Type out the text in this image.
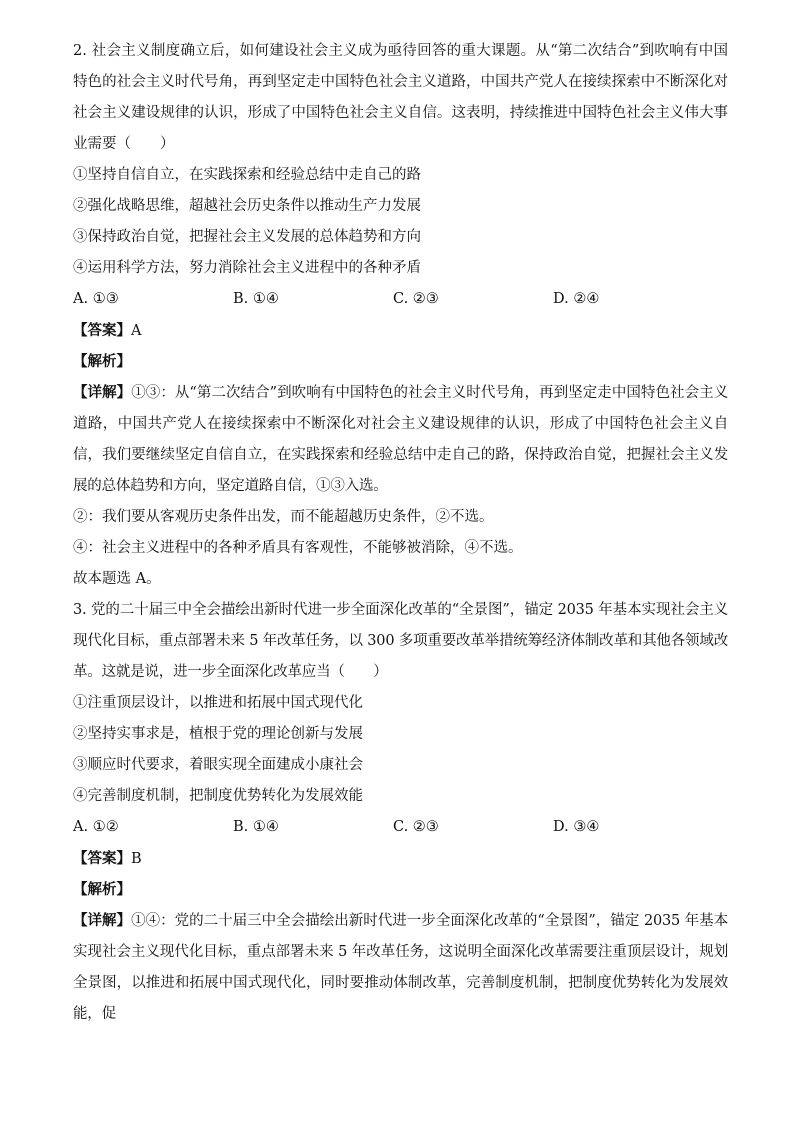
2. 社会主义制度确立后，如何建设社会主义成为亟待回答的重大课题。从“第二次结合”到吹响有中国特色的社会主义时代号角，再到坚定走中国特色社会主义道路，中国共产党人在接续探索中不断深化对社会主义建设规律的认识，形成了中国特色社会主义自信。这表明，持续推进中国特色社会主义伟大事业需要（　　）
①坚持自信自立，在实践探索和经验总结中走自己的路
②强化战略思维，超越社会历史条件以推动生产力发展
③保持政治自觉，把握社会主义发展的总体趋势和方向
④运用科学方法，努力消除社会主义进程中的各种矛盾
A. ①③	B. ①④	C. ②③	D. ②④
【答案】A
【解析】
【详解】①③：从“第二次结合”到吹响有中国特色的社会主义时代号角，再到坚定走中国特色社会主义道路，中国共产党人在接续探索中不断深化对社会主义建设规律的认识，形成了中国特色社会主义自信，我们要继续坚定自信自立，在实践探索和经验总结中走自己的路，保持政治自觉，把握社会主义发展的总体趋势和方向，坚定道路自信，①③入选。
②：我们要从客观历史条件出发，而不能超越历史条件，②不选。
④：社会主义进程中的各种矛盾具有客观性，不能够被消除，④不选。
故本题选 A。
3. 党的二十届三中全会描绘出新时代进一步全面深化改革的“全景图”，锚定 2035 年基本实现社会主义现代化目标，重点部署未来 5 年改革任务，以 300 多项重要改革举措统筹经济体制改革和其他各领域改革。这就是说，进一步全面深化改革应当（　　）
①注重顶层设计，以推进和拓展中国式现代化
②坚持实事求是，植根于党的理论创新与发展
③顺应时代要求，着眼实现全面建成小康社会
④完善制度机制，把制度优势转化为发展效能
A. ①②	B. ①④	C. ②③	D. ③④
【答案】B
【解析】
【详解】①④：党的二十届三中全会描绘出新时代进一步全面深化改革的“全景图”，锚定 2035 年基本实现社会主义现代化目标，重点部署未来 5 年改革任务，这说明全面深化改革需要注重顶层设计，规划全景图，以推进和拓展中国式现代化，同时要推动体制改革，完善制度机制，把制度优势转化为发展效能，促
